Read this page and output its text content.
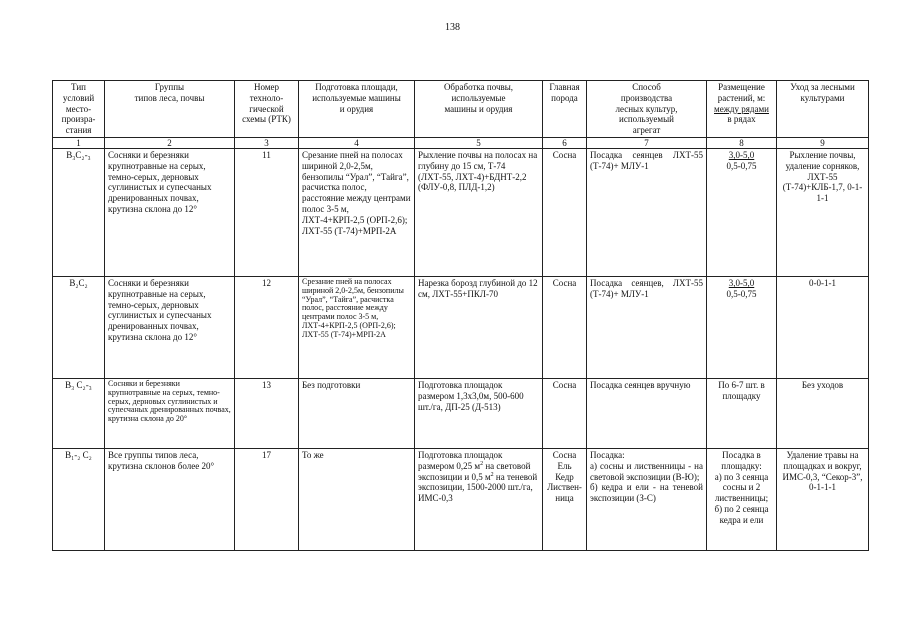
138
Тип
условий
место-
произра-
стания	Группы
типов леса, почвы	Номер
техноло-
гической
схемы (РТК)	Подготовка площади,
используемые машины
и орудия	Обработка почвы,
используемые
машины и орудия	Главная
порода	Способ
производства
лесных культур,
используемый
агрегат	Размещение
растений, м:
между рядами
в рядах	Уход за лесными
культурами
1	2	3	4	5	6	7	8	9
В₃С₂-₃	Сосняки и березняки крупнотравные на серых, темно-серых, дерновых суглинистых и супесчаных дренированных почвах, крутизна склона до 12°	11	Срезание пней на полосах шириной 2,0-2,5м, бензопилы “Урал”, “Тайга”, расчистка полос, расстояние между центрами полос 3-5 м, ЛХТ-4+КРП-2,5 (ОРП-2,6); ЛХТ-55 (Т-74)+МРП-2А	Рыхление почвы на полосах на глубину до 15 см, Т-74 (ЛХТ-55, ЛХТ-4)+БДНТ-2,2 (ФЛУ-0,8, ПЛД-1,2)	Сосна	Посадка сеянцев ЛХТ-55 (Т-74)+ МЛУ-1	3,0-5,0
0,5-0,75	Рыхление почвы, удаление сорняков, ЛХТ-55 (Т-74)+КЛБ-1,7, 0-1-1-1
В₂С₂	Сосняки и березняки крупнотравные на серых, темно-серых, дерновых суглинистых и супесчаных дренированных почвах, крутизна склона до 12°	12	Срезание пней на полосах шириной 2,0-2,5м, бензопилы “Урал”, “Тайга”, расчистка полос, расстояние между центрами полос 3-5 м, ЛХТ-4+КРП-2,5 (ОРП-2,6); ЛХТ-55 (Т-74)+МРП-2А	Нарезка борозд глубиной до 12 см, ЛХТ-55+ПКЛ-70	Сосна	Посадка сеянцев, ЛХТ-55 (Т-74)+ МЛУ-1	3,0-5,0
0,5-0,75	0-0-1-1
В₃ С₂-₃	Сосняки и березняки крупнотравные на серых, темно-серых, дерновых суглинистых и супесчаных дренированных почвах, крутизна склона до 20°	13	Без подготовки	Подготовка площадок размером 1,3х3,0м, 500-600 шт./га, ДП-25 (Д-513)	Сосна	Посадка сеянцев вручную	По 6-7 шт. в площадку	Без уходов
В₁-₂ С₂	Все группы типов леса, крутизна склонов более 20°	17	То же	Подготовка площадок размером 0,25 $м^2$ на световой экспозиции и 0,5 $м^2$ на теневой экспозиции, 1500-2000 шт./га, ИМС-0,3	Сосна
Ель
Кедр
Листвен-
ница	Посадка:
а) сосны и лиственницы - на световой экспозиции (В-Ю);
б) кедра и ели - на теневой экспозиции (З-С)	Посадка в площадку:
а) по 3 сеянца сосны и 2 лиственницы;
б) по 2 сеянца кедра и ели	Удаление травы на площадках и вокруг, ИМС-0,3, “Секор-3”, 0-1-1-1
